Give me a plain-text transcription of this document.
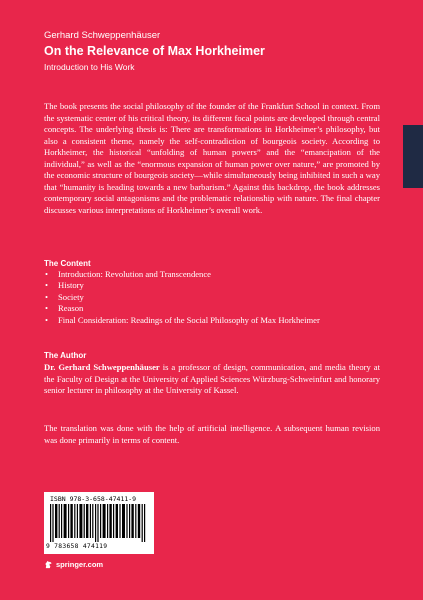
Gerhard Schweppenhäuser
On the Relevance of Max Horkheimer
Introduction to His Work

The book presents the social philosophy of the founder of the Frankfurt School in context. From the systematic center of his critical theory, its different focal points are developed through central concepts. The underlying thesis is: There are transformations in Horkheimer’s philosophy, but also a consistent theme, namely the self-contradiction of bourgeois society. According to Horkheimer, the historical “unfolding of human powers” and the “emancipation of the individual,” as well as the “enormous expansion of human power over nature,” are promoted by the economic structure of bourgeois society—while simultaneously being inhibited in such a way that “humanity is heading towards a new barbarism.” Against this backdrop, the book addresses contemporary social antagonisms and the problematic relationship with nature. The final chapter discusses various interpretations of Horkheimer’s overall work.

The Content
• Introduction: Revolution and Transcendence
• History
• Society
• Reason
• Final Consideration: Readings of the Social Philosophy of Max Horkheimer
The Author

Dr. Gerhard Schweppenhäuser is a professor of design, communication, and media theory at the Faculty of Design at the University of Applied Sciences Würzburg-Schweinfurt and honorary senior lecturer in philosophy at the University of Kassel.

The translation was done with the help of artificial intelligence. A subsequent human revision was done primarily in terms of content.

ISBN 978-3-658-47411-9
9 783658 474119
springer.com
